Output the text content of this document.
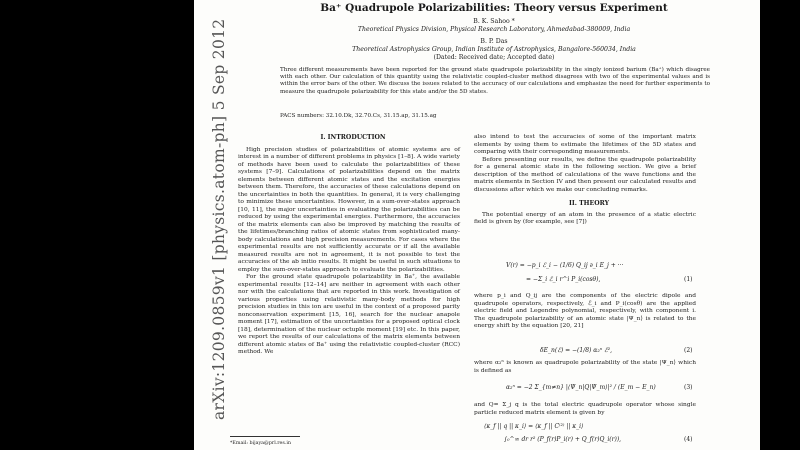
Ba⁺ Quadrupole Polarizabilities: Theory versus Experiment
B. K. Sahoo *
Theoretical Physics Division, Physical Research Laboratory, Ahmedabad-380009, India
B. P. Das
Theoretical Astrophysics Group, Indian Institute of Astrophysics, Bangalore-560034, India
(Dated: Received date; Accepted date)
Three different measurements have been reported for the ground state quadrupole polarizability in the singly ionized barium (Ba⁺) which disagree with each other. Our calculation of this quantity using the relativistic coupled-cluster method disagrees with two of the experimental values and is within the error bars of the other. We discuss the issues related to the accuracy of our calculations and emphasize the need for further experiments to measure the quadrupole polarizability for this state and/or the 5D states.
PACS numbers: 32.10.Dk, 32.70.Cs, 31.15.ap, 31.15.ag

I. INTRODUCTION

High precision studies of polarizabilities of atomic systems are of interest in a number of different problems in physics [1–8]. A wide variety of methods have been used to calculate the polarizabilities of these systems [7–9]. Calculations of polarizabilities depend on the matrix elements between different atomic states and the excitation energies between them. Therefore, the accuracies of these calculations depend on the uncertainties in both the quantities. In general, it is very challenging to minimize these uncertainties. However, in a sum-over-states approach [10, 11], the major uncertainties in evaluating the polarizabilities can be reduced by using the experimental energies. Furthermore, the accuracies of the matrix elements can also be improved by matching the results of the lifetimes/branching ratios of atomic states from sophisticated many-body calculations and high precision measurements. For cases where the experimental results are not sufficiently accurate or if all the available measured results are not in agreement, it is not possible to test the accuracies of the ab initio results. It might be useful in such situations to employ the sum-over-states approach to evaluate the polarizabilities.

For the ground state quadrupole polarizability in Ba⁺, the available experimental results [12–14] are neither in agreement with each other nor with the calculations that are reported in this work. Investigation of various properties using relativistic many-body methods for high precision studies in this ion are useful in the context of a proposed parity nonconservation experiment [15, 16], search for the nuclear anapole moment [17], estimation of the uncertainties for a proposed optical clock [18], determination of the nuclear octuple moment [19] etc. In this paper, we report the results of our calculations of the matrix elements between different atomic states of Ba⁺ using the relativistic coupled-cluster (RCC) method. We

also intend to test the accuracies of some of the important matrix elements by using them to estimate the lifetimes of the 5D states and comparing with their corresponding measurements.

Before presenting our results, we define the quadrupole polarizability for a general atomic state in the following section. We give a brief description of the method of calculations of the wave functions and the matrix elements in Section IV and then present our calculated results and discussions after which we make our concluding remarks.

II. THEORY

The potential energy of an atom in the presence of a static electric field is given by (for example, see [7])

V(r) = −p_i ℰ_i − (1/6) Q_ij ∂_i E_j + ···
= −Σ_i ℰ_i r^i P_i(cosθ),	(1)

where p_i and Q_ij are the components of the electric dipole and quadrupole operators, respectively, ℰ_i and P_i(cosθ) are the applied electric field and Legendre polynomial, respectively, with component i. The quadrupole polarizability of an atomic state |Ψ_n⟩ is related to the energy shift by the equation [20, 21]

δE_n(ℰ) = −(1/8) α₂ⁿ ℰ²,	(2)

where α₂ⁿ is known as quadrupole polarizability of the state |Ψ_n⟩ which is defined as

α₂ⁿ = −2 Σ_{m≠n} |⟨Ψ_n|Q|Ψ_m⟩|² / (E_m − E_n)	(3)

and Q= Σ_j q is the total electric quadrupole operator whose single particle reduced matrix element is given by

⟨κ_f || q || κ_i⟩ = ⟨κ_f || C⁽²⁾ || κ_i⟩
∫₀^∞ dr r² (P_f(r)P_i(r) + Q_f(r)Q_i(r)),	(4)
*Email: bijaya@prl.res.in
arXiv:1209.0859v1 [physics.atom-ph] 5 Sep 2012
